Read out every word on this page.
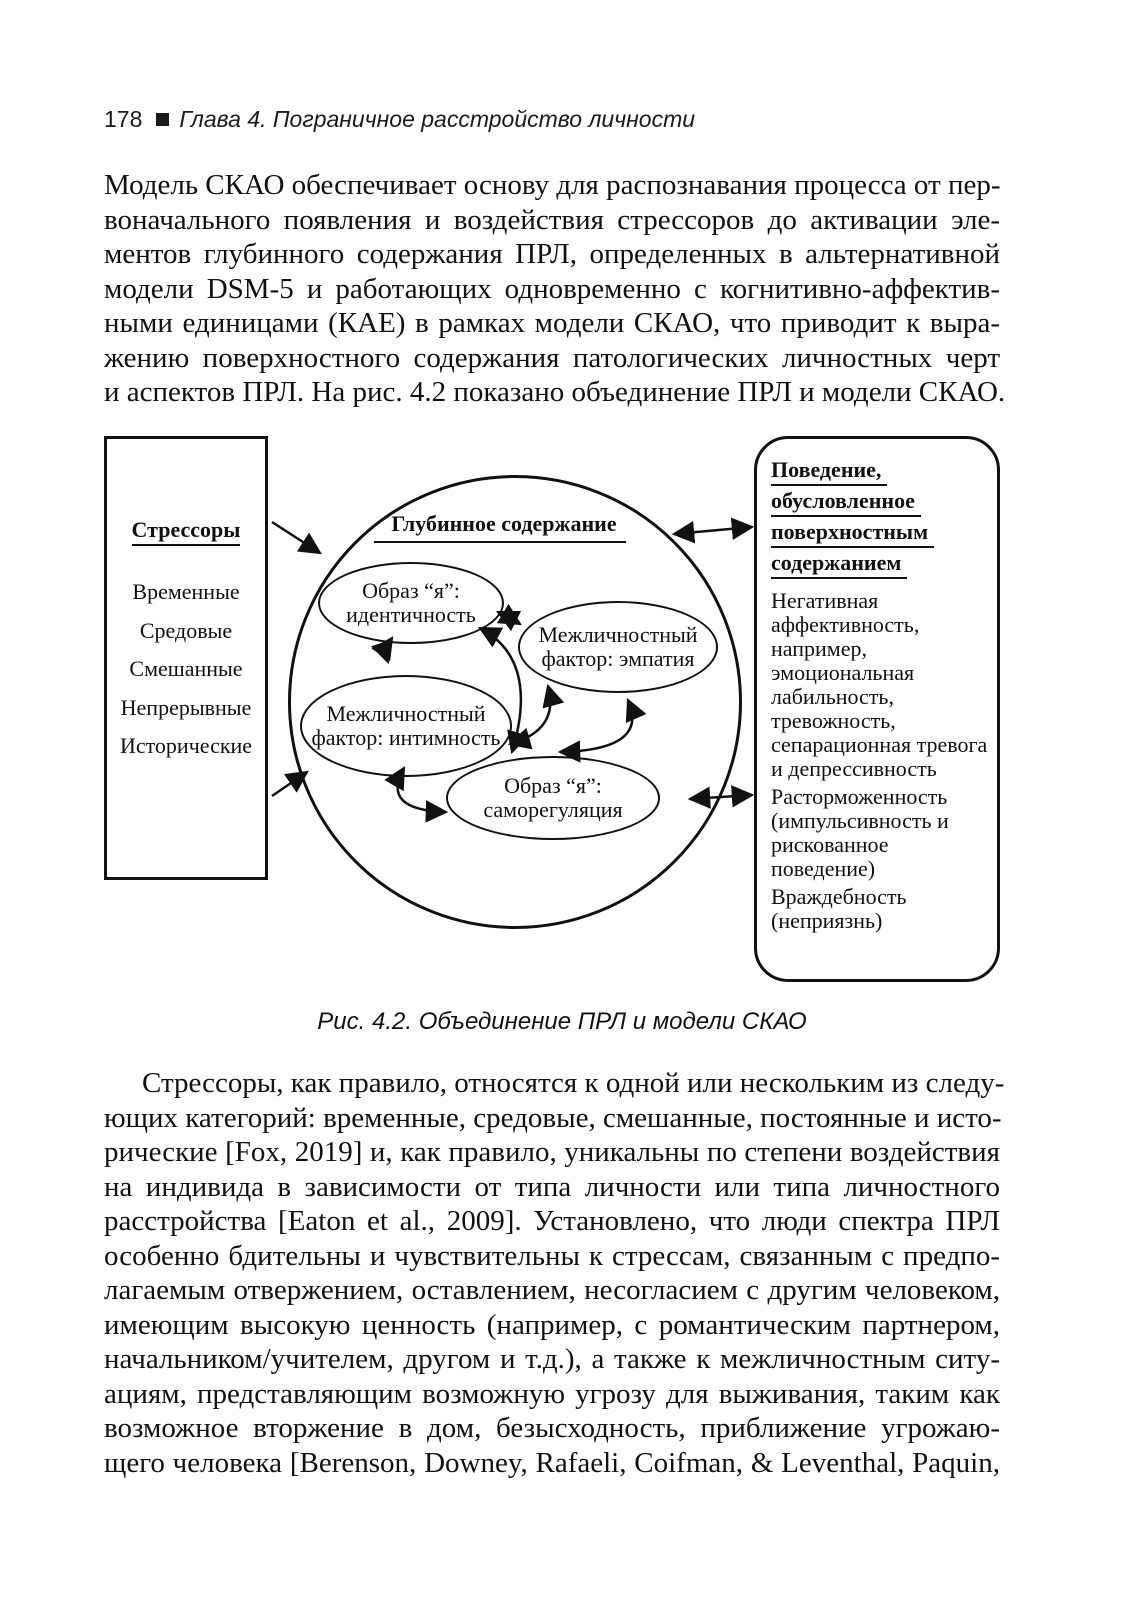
178 Глава 4. Пограничное расстройство личности
Модель СКАО обеспечивает основу для распознавания процесса от пер-
воначального появления и воздействия стрессоров до активации эле-
ментов глубинного содержания ПРЛ, определенных в альтернативной
модели DSM-5 и работающих одновременно с когнитивно-аффектив-
ными единицами (КАЕ) в рамках модели СКАО, что приводит к выра-
жению поверхностного содержания патологических личностных черт
и аспектов ПРЛ. На рис. 4.2 показано объединение ПРЛ и модели СКАО.
Стрессоры
Временные
Средовые
Смешанные
Непрерывные
Исторические
Глубинное содержание
Образ “я”: идентичность
Межличностный фактор: эмпатия
Межличностный фактор: интимность
Образ “я”: саморегуляция
Поведение,
обусловленное
поверхностным
содержанием
Негативная аффективность, например, эмоциональная лабильность, тревожность, сепарационная тревога и депрессивность
Расторможенность (импульсивность и рискованное поведение)
Враждебность (неприязнь)
Рис. 4.2. Объединение ПРЛ и модели СКАО
Стрессоры, как правило, относятся к одной или нескольким из следу-
ющих категорий: временные, средовые, смешанные, постоянные и исто-
рические [Fox, 2019] и, как правило, уникальны по степени воздействия
на индивида в зависимости от типа личности или типа личностного
расстройства [Eaton et al., 2009]. Установлено, что люди спектра ПРЛ
особенно бдительны и чувствительны к стрессам, связанным с предпо-
лагаемым отвержением, оставлением, несогласием с другим человеком,
имеющим высокую ценность (например, с романтическим партнером,
начальником/учителем, другом и т.д.), а также к межличностным ситу-
ациям, представляющим возможную угрозу для выживания, таким как
возможное вторжение в дом, безысходность, приближение угрожаю-
щего человека [Berenson, Downey, Rafaeli, Coifman, & Leventhal, Paquin,
